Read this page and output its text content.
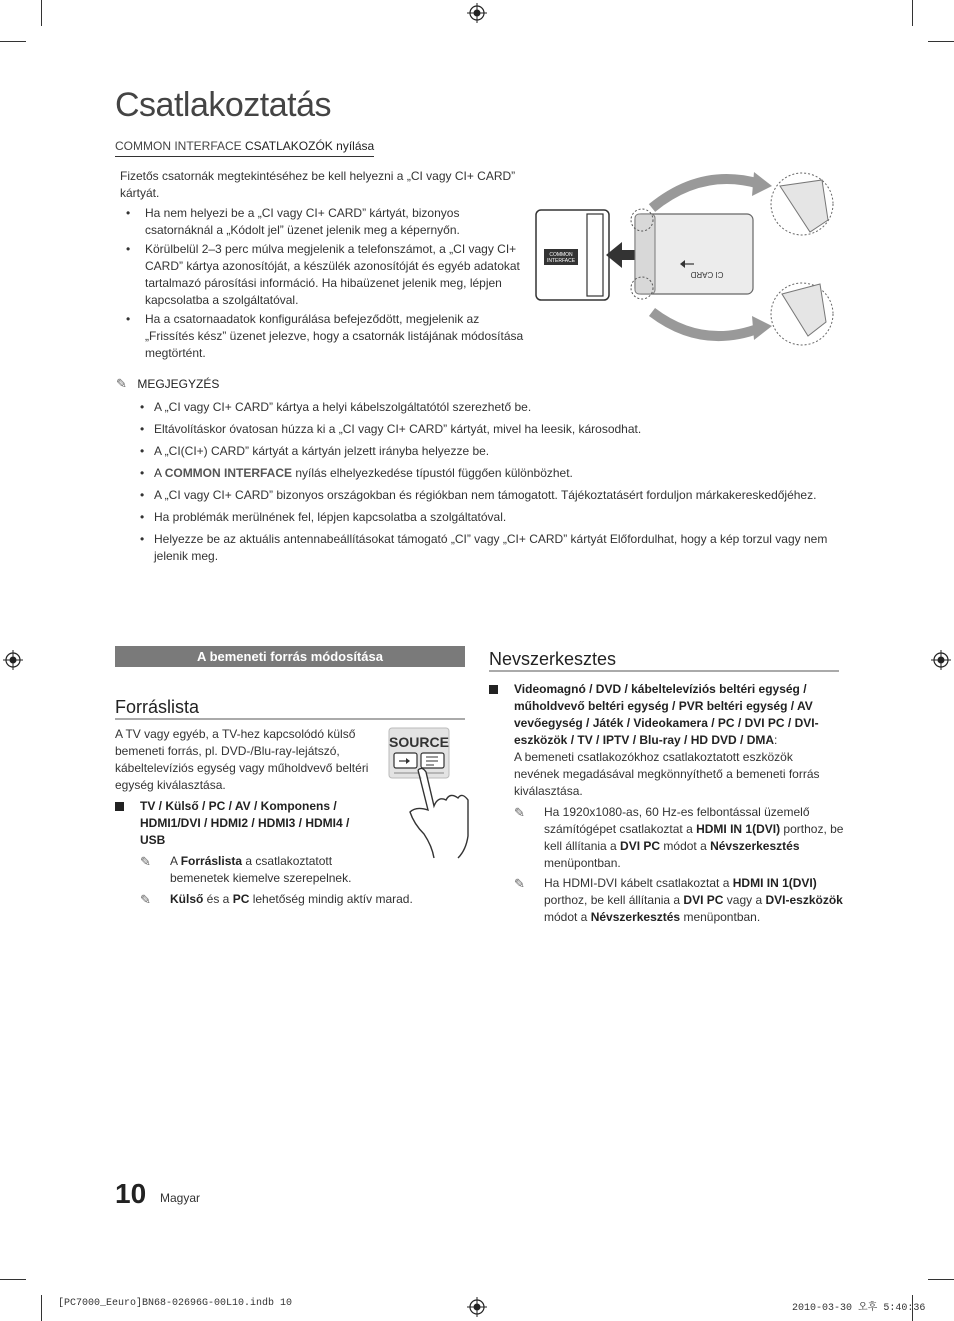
Csatlakoztatás
COMMON INTERFACE CSATLAKOZÓK nyílása
Fizetős csatornák megtekintéséhez be kell helyezni a „CI vagy CI+ CARD” kártyát.
• Ha nem helyezi be a „CI vagy CI+ CARD” kártyát, bizonyos csatornáknál a „Kódolt jel” üzenet jelenik meg a képernyőn.
• Körülbelül 2–3 perc múlva megjelenik a telefonszámot, a „CI vagy CI+ CARD” kártya azonosítóját, a készülék azonosítóját és egyéb adatokat tartalmazó párosítási információ. Ha hibaüzenet jelenik meg, lépjen kapcsolatba a szolgáltatóval.
• Ha a csatornaadatok konfigurálása befejeződött, megjelenik az „Frissítés kész” üzenet jelezve, hogy a csatornák listájának módosítása megtörtént.
COMMON
INTERFACE
CI CARD
✎ MEGJEGYZÉS
• A „CI vagy CI+ CARD” kártya a helyi kábelszolgáltatótól szerezhető be.
• Eltávolításkor óvatosan húzza ki a „CI vagy CI+ CARD” kártyát, mivel ha leesik, károsodhat.
• A „CI(CI+) CARD” kártyát a kártyán jelzett irányba helyezze be.
• A COMMON INTERFACE nyílás elhelyezkedése típustól függően különbözhet.
• A „CI vagy CI+ CARD” bizonyos országokban és régiókban nem támogatott. Tájékoztatásért forduljon márkakereskedőjéhez.
• Ha problémák merülnének fel, lépjen kapcsolatba a szolgáltatóval.
• Helyezze be az aktuális antennabeállításokat támogató „CI” vagy „CI+ CARD” kártyát Előfordulhat, hogy a kép torzul vagy nem jelenik meg.
A bemeneti forrás módosítása
Forráslista
A TV vagy egyéb, a TV-hez kapcsolódó külső bemeneti forrás, pl. DVD-/Blu-ray-lejátszó, kábeltelevíziós egység vagy műholdvevő beltéri egység kiválasztása.
TV / Külső / PC / AV / Komponens / HDMI1/DVI / HDMI2 / HDMI3 / HDMI4 / USB
✎	A Forráslista a csatlakoztatott bemenetek kiemelve szerepelnek.
✎	Külső és a PC lehetőség mindig aktív marad.
SOURCE
Nevszerkesztes
Videomagnó / DVD / kábeltelevíziós beltéri egység / műholdvevő beltéri egység / PVR beltéri egység / AV vevőegység / Játék / Videokamera / PC / DVI PC / DVI-eszközök / TV / IPTV / Blu-ray / HD DVD / DMA:
A bemeneti csatlakozókhoz csatlakoztatott eszközök nevének megadásával megkönnyíthető a bemeneti forrás kiválasztása.
✎	Ha 1920x1080-as, 60 Hz-es felbontással üzemelő számítógépet csatlakoztat a HDMI IN 1(DVI) porthoz, be kell állítania a DVI PC módot a Névszerkesztés menüpontban.
✎	Ha HDMI-DVI kábelt csatlakoztat a HDMI IN 1(DVI) porthoz, be kell állítania a DVI PC vagy a DVI-eszközök módot a Névszerkesztés menüpontban.
10 Magyar
[PC7000_Eeuro]BN68-02696G-00L10.indb 10	2010-03-30 오후 5:40:36
